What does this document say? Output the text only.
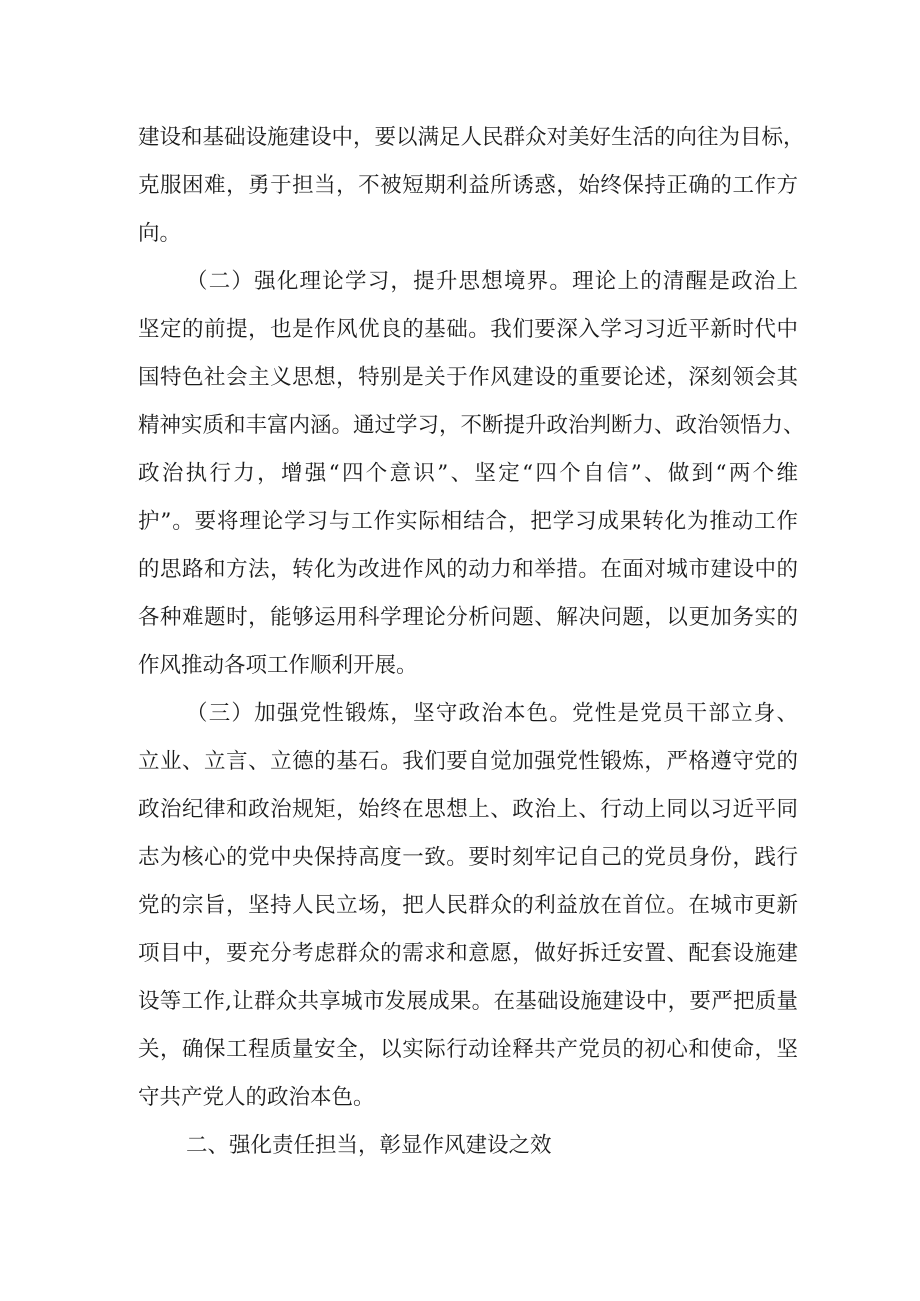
建设和基础设施建设中，要以满足人民群众对美好生活的向往为目标，
克服困难，勇于担当，不被短期利益所诱惑，始终保持正确的工作方
向。
（二）强化理论学习，提升思想境界。理论上的清醒是政治上
坚定的前提，也是作风优良的基础。我们要深入学习习近平新时代中
国特色社会主义思想，特别是关于作风建设的重要论述，深刻领会其
精神实质和丰富内涵。通过学习，不断提升政治判断力、政治领悟力、
政治执行力，增强“四个意识”、坚定“四个自信”、做到“两个维
护”。要将理论学习与工作实际相结合，把学习成果转化为推动工作
的思路和方法，转化为改进作风的动力和举措。在面对城市建设中的
各种难题时，能够运用科学理论分析问题、解决问题，以更加务实的
作风推动各项工作顺利开展。
（三）加强党性锻炼，坚守政治本色。党性是党员干部立身、
立业、立言、立德的基石。我们要自觉加强党性锻炼，严格遵守党的
政治纪律和政治规矩，始终在思想上、政治上、行动上同以习近平同
志为核心的党中央保持高度一致。要时刻牢记自己的党员身份，践行
党的宗旨，坚持人民立场，把人民群众的利益放在首位。在城市更新
项目中，要充分考虑群众的需求和意愿，做好拆迁安置、配套设施建
设等工作,让群众共享城市发展成果。在基础设施建设中，要严把质量
关，确保工程质量安全，以实际行动诠释共产党员的初心和使命，坚
守共产党人的政治本色。
二、强化责任担当，彰显作风建设之效
